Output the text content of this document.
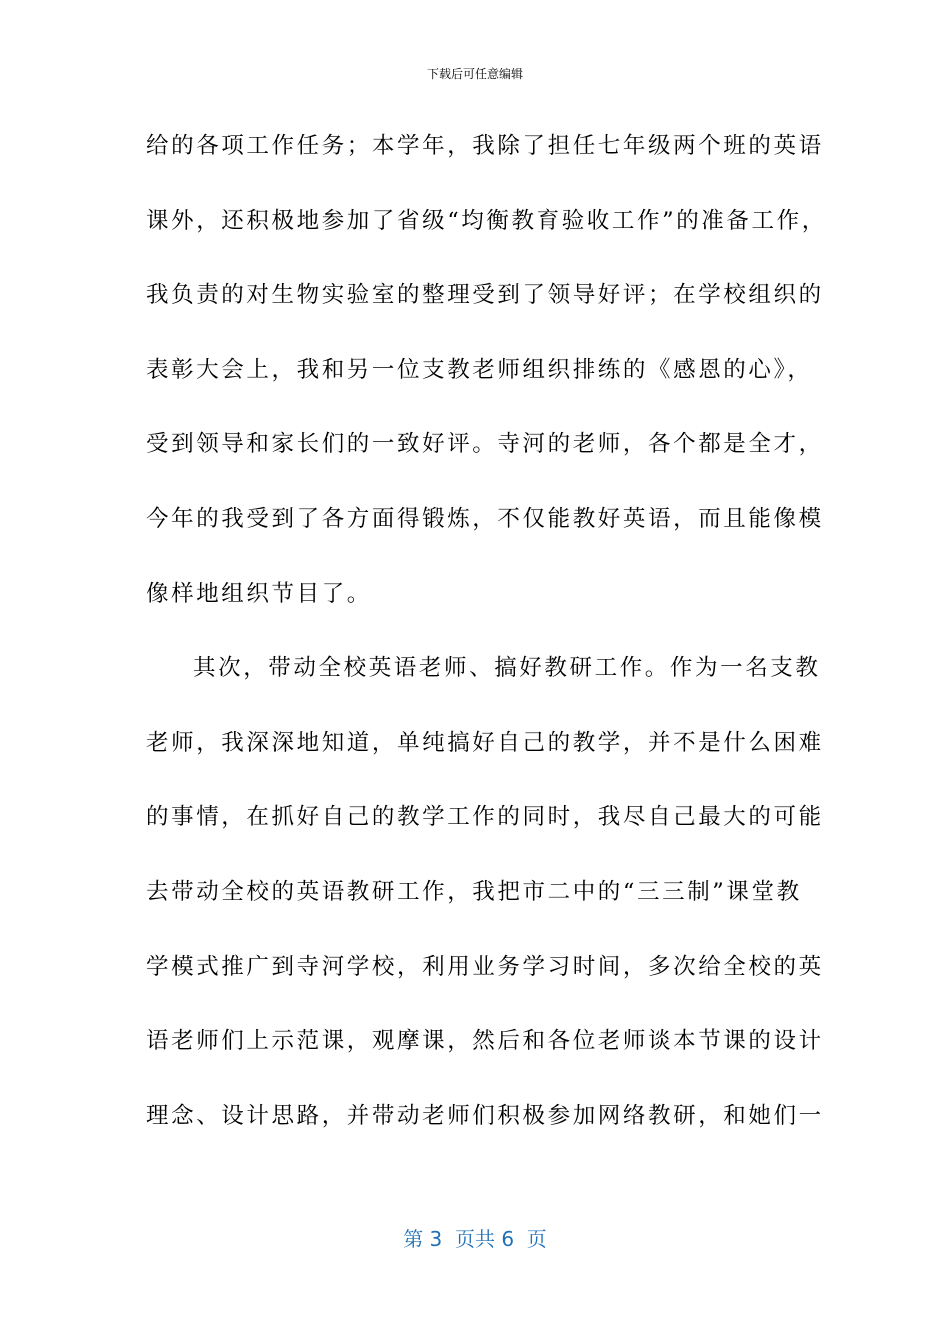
下载后可任意编辑
给的各项工作任务；本学年，我除了担任七年级两个班的英语
课外，还积极地参加了省级“均衡教育验收工作”的准备工作，
我负责的对生物实验室的整理受到了领导好评；在学校组织的
表彰大会上，我和另一位支教老师组织排练的《感恩的心》，
受到领导和家长们的一致好评。寺河的老师，各个都是全才，
今年的我受到了各方面得锻炼，不仅能教好英语，而且能像模
像样地组织节目了。
其次，带动全校英语老师、搞好教研工作。作为一名支教
老师，我深深地知道，单纯搞好自己的教学，并不是什么困难
的事情，在抓好自己的教学工作的同时，我尽自己最大的可能
去带动全校的英语教研工作，我把市二中的“三三制”课堂教
学模式推广到寺河学校，利用业务学习时间，多次给全校的英
语老师们上示范课，观摩课，然后和各位老师谈本节课的设计
理念、设计思路，并带动老师们积极参加网络教研，和她们一
第 3  页共 6  页
